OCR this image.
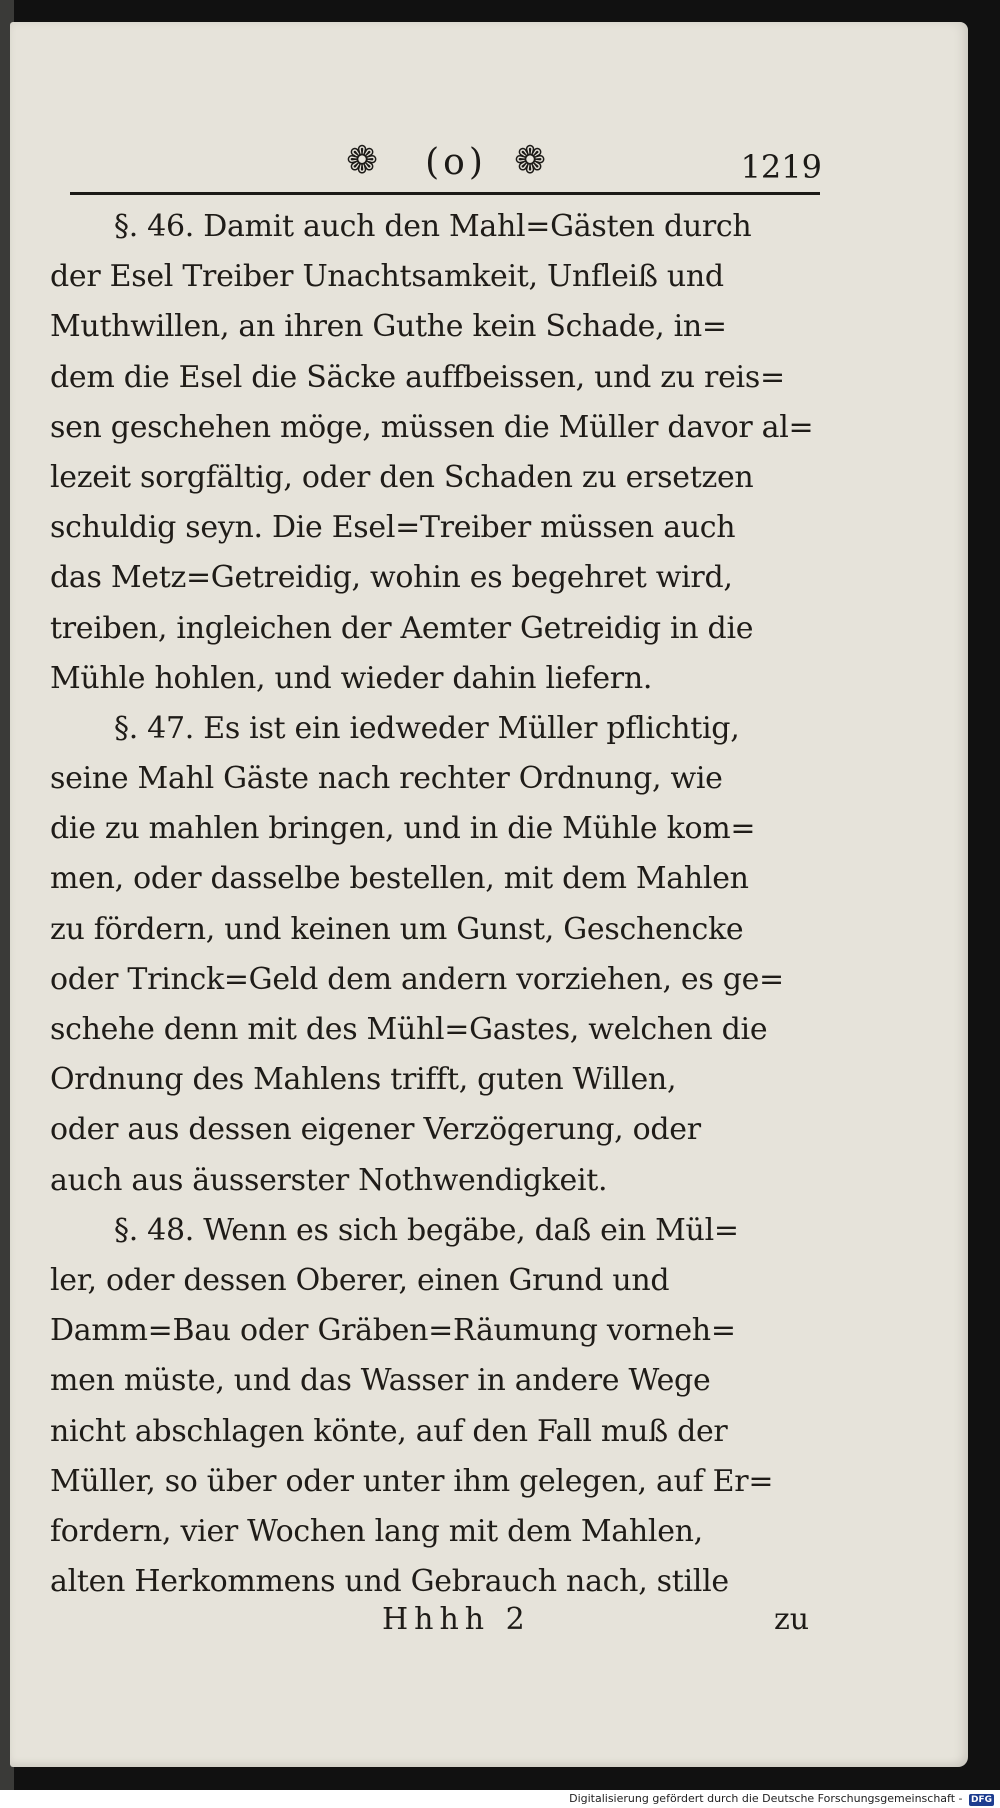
❁	(o) ❁	1219
§. 46. Damit auch den Mahl=Gästen durch
der Esel Treiber Unachtsamkeit, Unfleiß und
Muthwillen, an ihren Guthe kein Schade, in=
dem die Esel die Säcke auffbeissen, und zu reis=
sen geschehen möge, müssen die Müller davor al=
lezeit sorgfältig, oder den Schaden zu ersetzen
schuldig seyn. Die Esel=Treiber müssen auch
das Metz=Getreidig, wohin es begehret wird,
treiben, ingleichen der Aemter Getreidig in die
Mühle hohlen, und wieder dahin liefern.
§. 47. Es ist ein iedweder Müller pflichtig,
seine Mahl Gäste nach rechter Ordnung, wie
die zu mahlen bringen, und in die Mühle kom=
men, oder dasselbe bestellen, mit dem Mahlen
zu fördern, und keinen um Gunst, Geschencke
oder Trinck=Geld dem andern vorziehen, es ge=
schehe denn mit des Mühl=Gastes, welchen die
Ordnung des Mahlens trifft, guten Willen,
oder aus dessen eigener Verzögerung, oder
auch aus äusserster Nothwendigkeit.
§. 48. Wenn es sich begäbe, daß ein Mül=
ler, oder dessen Oberer, einen Grund und
Damm=Bau oder Gräben=Räumung vorneh=
men müste, und das Wasser in andere Wege
nicht abschlagen könte, auf den Fall muß der
Müller, so über oder unter ihm gelegen, auf Er=
fordern, vier Wochen lang mit dem Mahlen,
alten Herkommens und Gebrauch nach, stille
Hhhh 2	zu
Digitalisierung gefördert durch die Deutsche Forschungsgemeinschaft - DFG
